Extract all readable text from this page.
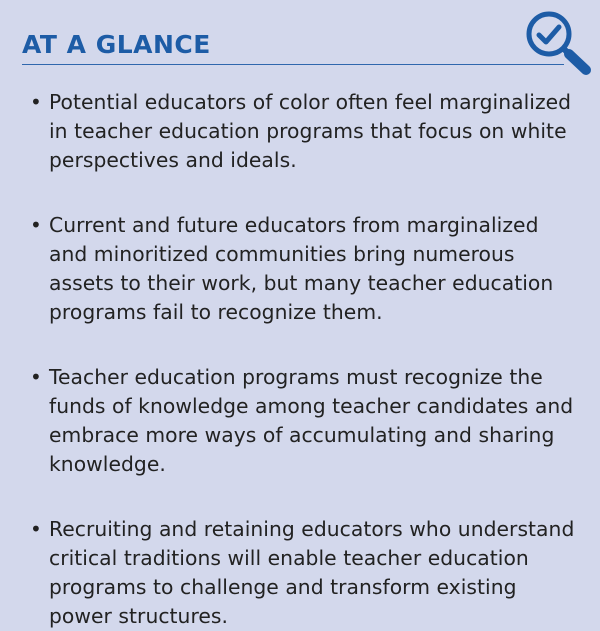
AT A GLANCE
• Potential educators of color often feel marginalized in teacher education programs that focus on white perspectives and ideals.
• Current and future educators from marginalized and minoritized communities bring numerous assets to their work, but many teacher education programs fail to recognize them.
• Teacher education programs must recognize the funds of knowledge among teacher candidates and embrace more ways of accumulating and sharing knowledge.
• Recruiting and retaining educators who understand critical traditions will enable teacher education programs to challenge and transform existing power structures.
